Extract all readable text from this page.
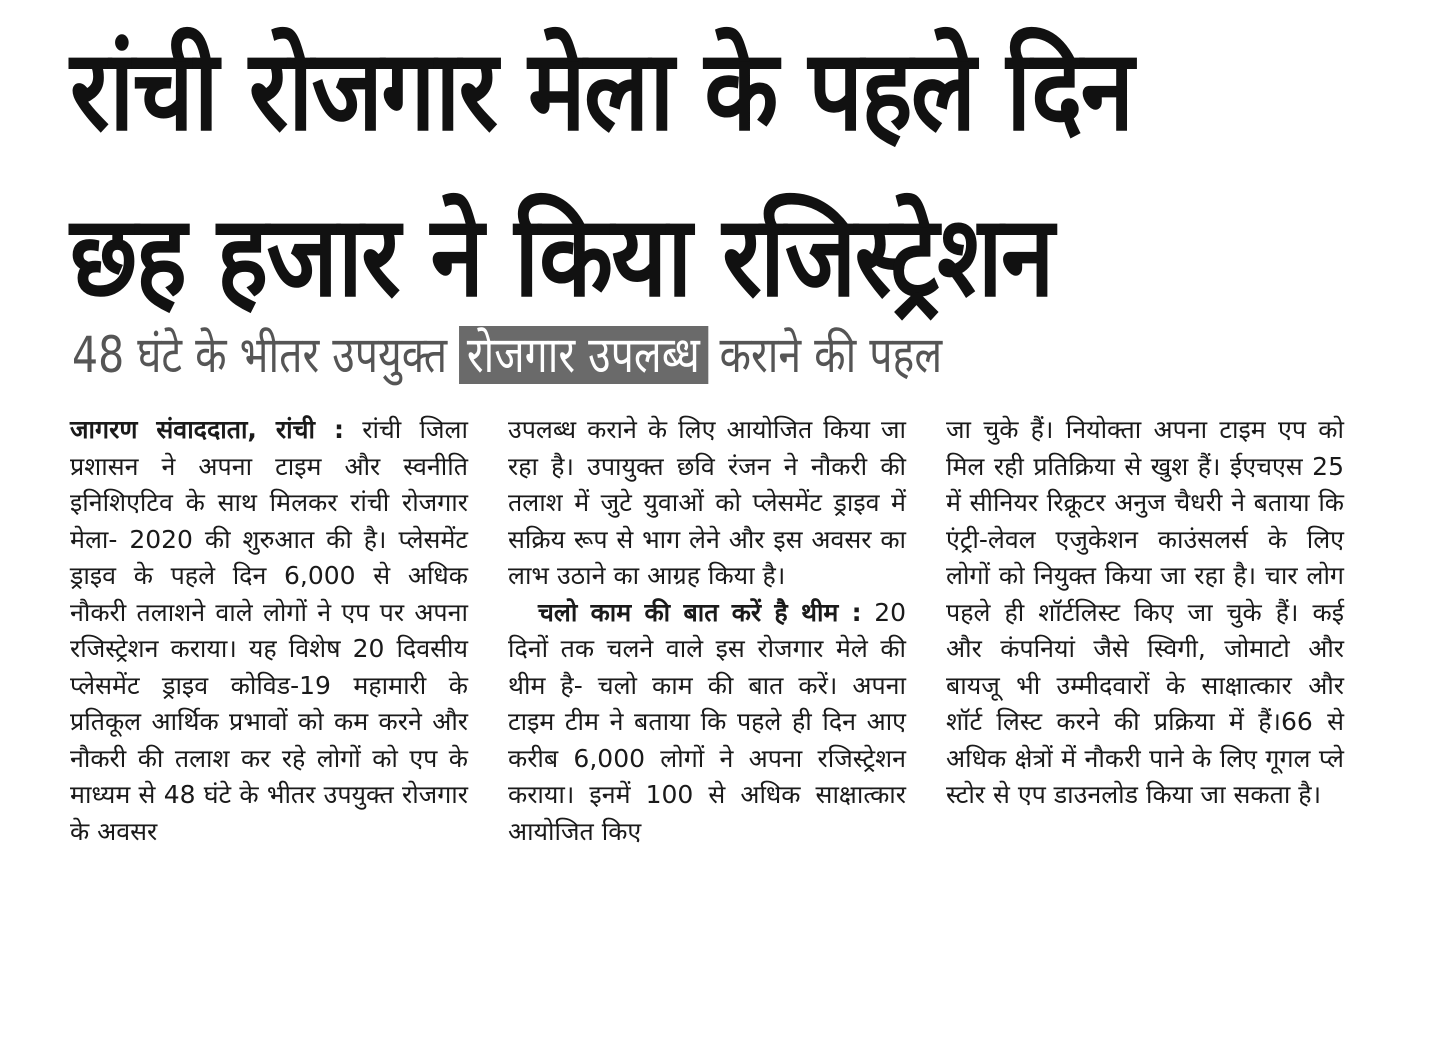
रांची रोजगार मेला के पहले दिन
छह हजार ने किया रजिस्ट्रेशन
48 घंटे के भीतर उपयुक्त रोजगार उपलब्ध कराने की पहल

जागरण संवाददाता, रांची : रांची जिला प्रशासन ने अपना टाइम और स्वनीति इनिशिएटिव के साथ मिलकर रांची रोजगार मेला- 2020 की शुरुआत की है। प्लेसमेंट ड्राइव के पहले दिन 6,000 से अधिक नौकरी तलाशने वाले लोगों ने एप पर अपना रजिस्ट्रेशन कराया। यह विशेष 20 दिवसीय प्लेसमेंट ड्राइव कोविड-19 महामारी के प्रतिकूल आर्थिक प्रभावों को कम करने और नौकरी की तलाश कर रहे लोगों को एप के माध्यम से 48 घंटे के भीतर उपयुक्त रोजगार के अवसर

उपलब्ध कराने के लिए आयोजित किया जा रहा है। उपायुक्त छवि रंजन ने नौकरी की तलाश में जुटे युवाओं को प्लेसमेंट ड्राइव में सक्रिय रूप से भाग लेने और इस अवसर का लाभ उठाने का आग्रह किया है।

चलो काम की बात करें है थीम : 20 दिनों तक चलने वाले इस रोजगार मेले की थीम है- चलो काम की बात करें। अपना टाइम टीम ने बताया कि पहले ही दिन आए करीब 6,000 लोगों ने अपना रजिस्ट्रेशन कराया। इनमें 100 से अधिक साक्षात्कार आयोजित किए

जा चुके हैं। नियोक्ता अपना टाइम एप को मिल रही प्रतिक्रिया से खुश हैं। ईएचएस 25 में सीनियर रिक्रूटर अनुज चैधरी ने बताया कि एंट्री-लेवल एजुकेशन काउंसलर्स के लिए लोगों को नियुक्त किया जा रहा है। चार लोग पहले ही शॉर्टलिस्ट किए जा चुके हैं। कई और कंपनियां जैसे स्विगी, जोमाटो और बायजू भी उम्मीदवारों के साक्षात्कार और शॉर्ट लिस्ट करने की प्रक्रिया में हैं।66 से अधिक क्षेत्रों में नौकरी पाने के लिए गूगल प्ले स्टोर से एप डाउनलोड किया जा सकता है।
